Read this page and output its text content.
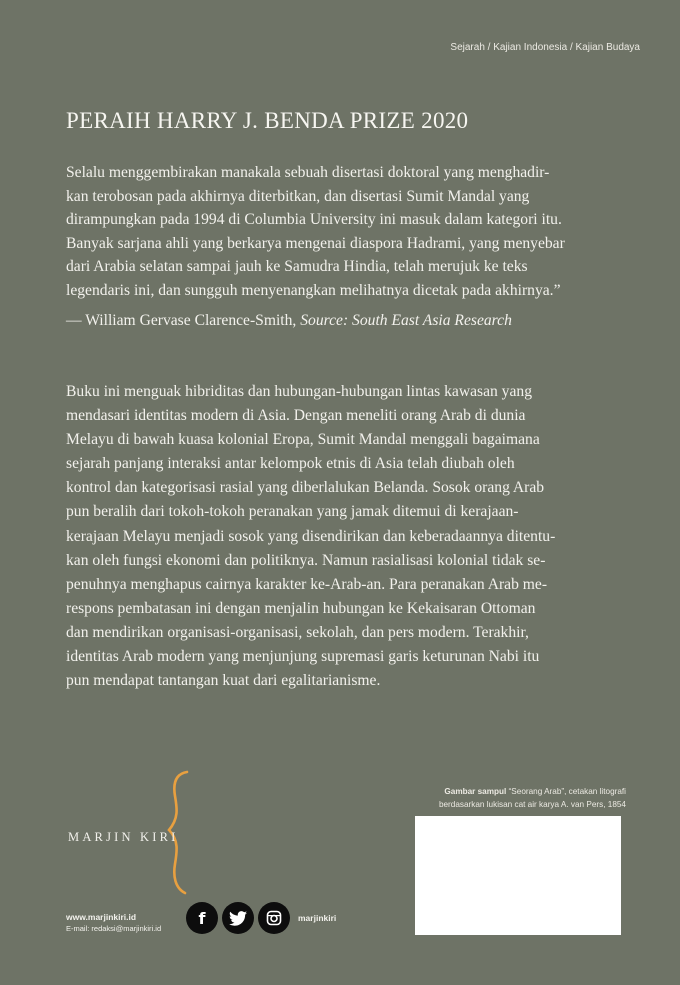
Sejarah / Kajian Indonesia / Kajian Budaya
PERAIH HARRY J. BENDA PRIZE 2020

Selalu menggembirakan manakala sebuah disertasi doktoral yang menghadir-
kan terobosan pada akhirnya diterbitkan, dan disertasi Sumit Mandal yang
dirampungkan pada 1994 di Columbia University ini masuk dalam kategori itu.
Banyak sarjana ahli yang berkarya mengenai diaspora Hadrami, yang menyebar
dari Arabia selatan sampai jauh ke Samudra Hindia, telah merujuk ke teks
legendaris ini, dan sungguh menyenangkan melihatnya dicetak pada akhirnya.”

— William Gervase Clarence-Smith, Source: South East Asia Research

Buku ini menguak hibriditas dan hubungan-hubungan lintas kawasan yang
mendasari identitas modern di Asia. Dengan meneliti orang Arab di dunia
Melayu di bawah kuasa kolonial Eropa, Sumit Mandal menggali bagaimana
sejarah panjang interaksi antar kelompok etnis di Asia telah diubah oleh
kontrol dan kategorisasi rasial yang diberlalukan Belanda. Sosok orang Arab
pun beralih dari tokoh-tokoh peranakan yang jamak ditemui di kerajaan-
kerajaan Melayu menjadi sosok yang disendirikan dan keberadaannya ditentu-
kan oleh fungsi ekonomi dan politiknya. Namun rasialisasi kolonial tidak se-
penuhnya menghapus cairnya karakter ke-Arab-an. Para peranakan Arab me-
respons pembatasan ini dengan menjalin hubungan ke Kekaisaran Ottoman
dan mendirikan organisasi-organisasi, sekolah, dan pers modern. Terakhir,
identitas Arab modern yang menjunjung supremasi garis keturunan Nabi itu
pun mendapat tantangan kuat dari egalitarianisme.

MARJIN KIRI
www.marjinkiri.id
E-mail: redaksi@marjinkiri.id
f	marjinkiri
Gambar sampul “Seorang Arab”, cetakan litografi
berdasarkan lukisan cat air karya A. van Pers, 1854
